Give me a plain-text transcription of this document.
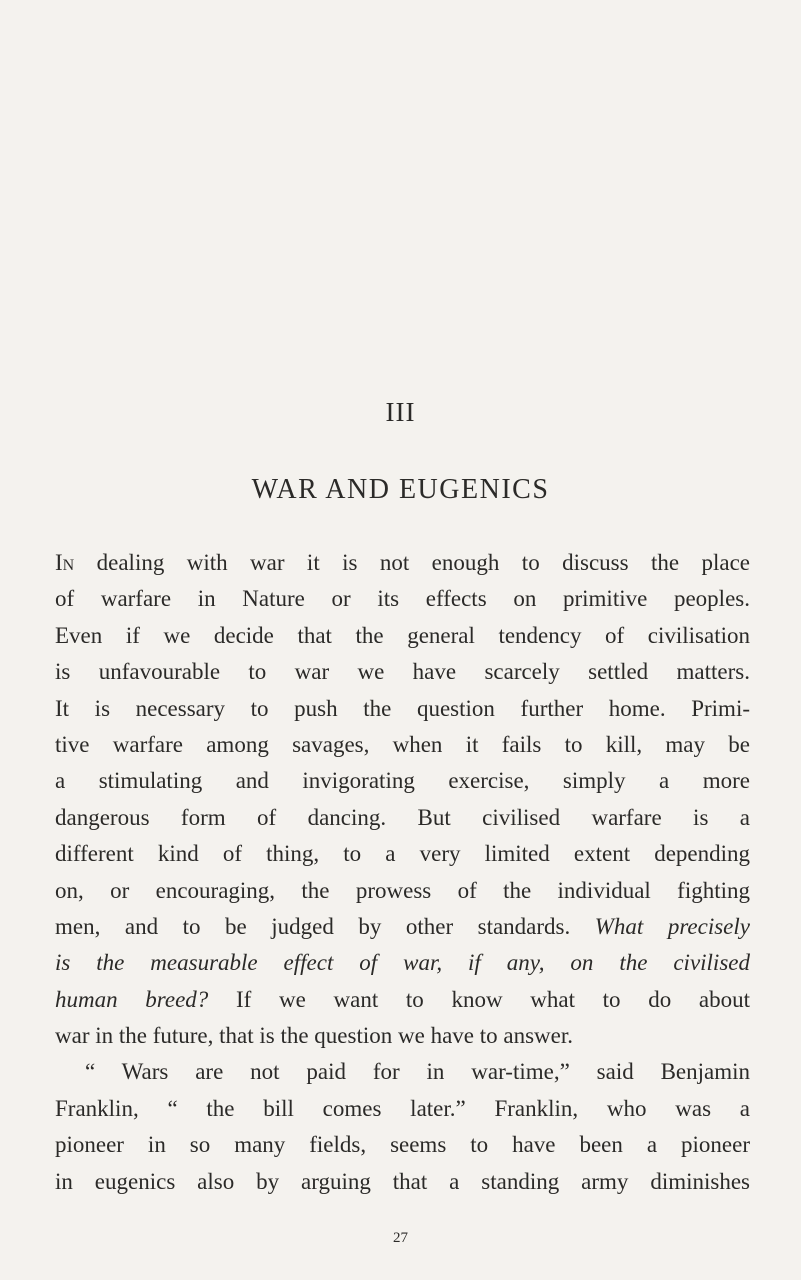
III
WAR AND EUGENICS
In dealing with war it is not enough to discuss the place
of warfare in Nature or its effects on primitive peoples.
Even if we decide that the general tendency of civilisation
is unfavourable to war we have scarcely settled matters.
It is necessary to push the question further home. Primi-
tive warfare among savages, when it fails to kill, may be
a stimulating and invigorating exercise, simply a more
dangerous form of dancing. But civilised warfare is a
different kind of thing, to a very limited extent depending
on, or encouraging, the prowess of the individual fighting
men, and to be judged by other standards. What precisely
is the measurable effect of war, if any, on the civilised
human breed? If we want to know what to do about
war in the future, that is the question we have to answer.
“ Wars are not paid for in war-time,” said Benjamin
Franklin, “ the bill comes later.” Franklin, who was a
pioneer in so many fields, seems to have been a pioneer
in eugenics also by arguing that a standing army diminishes
27
